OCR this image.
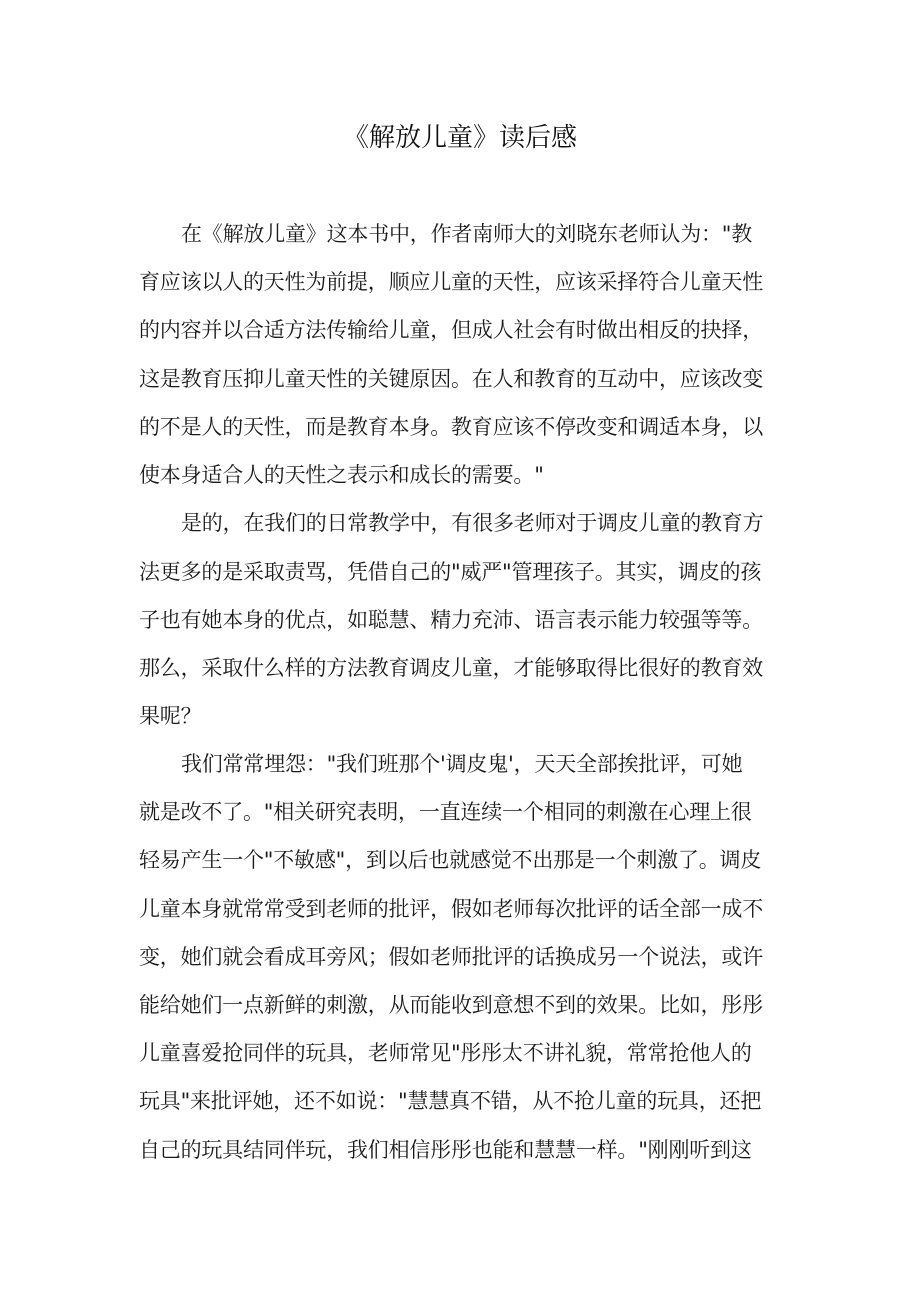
《解放儿童》读后感
在《解放儿童》这本书中，作者南师大的刘晓东老师认为："教
育应该以人的天性为前提，顺应儿童的天性，应该采择符合儿童天性
的内容并以合适方法传输给儿童，但成人社会有时做出相反的抉择，
这是教育压抑儿童天性的关键原因。在人和教育的互动中，应该改变
的不是人的天性，而是教育本身。教育应该不停改变和调适本身，以
使本身适合人的天性之表示和成长的需要。"
是的，在我们的日常教学中，有很多老师对于调皮儿童的教育方
法更多的是采取责骂，凭借自己的"威严"管理孩子。其实，调皮的孩
子也有她本身的优点，如聪慧、精力充沛、语言表示能力较强等等。
那么，采取什么样的方法教育调皮儿童，才能够取得比很好的教育效
果呢？
我们常常埋怨："我们班那个'调皮鬼'，天天全部挨批评，可她
就是改不了。"相关研究表明，一直连续一个相同的刺激在心理上很
轻易产生一个"不敏感"，到以后也就感觉不出那是一个刺激了。调皮
儿童本身就常常受到老师的批评，假如老师每次批评的话全部一成不
变，她们就会看成耳旁风；假如老师批评的话换成另一个说法，或许
能给她们一点新鲜的刺激，从而能收到意想不到的效果。比如，彤彤
儿童喜爱抢同伴的玩具，老师常见"彤彤太不讲礼貌，常常抢他人的
玩具"来批评她，还不如说："慧慧真不错，从不抢儿童的玩具，还把
自己的玩具结同伴玩，我们相信彤彤也能和慧慧一样。"刚刚听到这
